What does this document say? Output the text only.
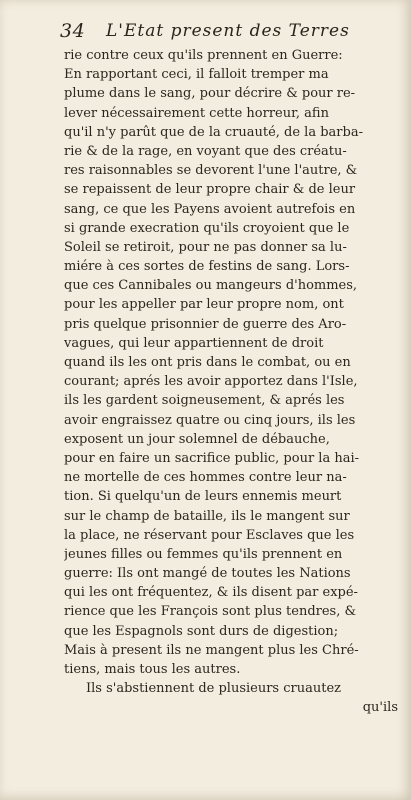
34 L'Etat present des Terres
rie contre ceux qu'ils prennent en Guerre:
En rapportant ceci, il falloit tremper ma
plume dans le sang, pour décrire & pour re-
lever nécessairement cette horreur, afin
qu'il n'y parût que de la cruauté, de la barba-
rie & de la rage, en voyant que des créatu-
res raisonnables se devorent l'une l'autre, &
se repaissent de leur propre chair & de leur
sang, ce que les Payens avoient autrefois en
si grande execration qu'ils croyoient que le
Soleil se retiroit, pour ne pas donner sa lu-
miére à ces sortes de festins de sang. Lors-
que ces Cannibales ou mangeurs d'hommes,
pour les appeller par leur propre nom, ont
pris quelque prisonnier de guerre des Aro-
vagues, qui leur appartiennent de droit
quand ils les ont pris dans le combat, ou en
courant; aprés les avoir apportez dans l'Isle,
ils les gardent soigneusement, & aprés les
avoir engraissez quatre ou cinq jours, ils les
exposent un jour solemnel de débauche,
pour en faire un sacrifice public, pour la hai-
ne mortelle de ces hommes contre leur na-
tion. Si quelqu'un de leurs ennemis meurt
sur le champ de bataille, ils le mangent sur
la place, ne réservant pour Esclaves que les
jeunes filles ou femmes qu'ils prennent en
guerre: Ils ont mangé de toutes les Nations
qui les ont fréquentez, & ils disent par expé-
rience que les François sont plus tendres, &
que les Espagnols sont durs de digestion;
Mais à present ils ne mangent plus les Chré-
tiens, mais tous les autres.
Ils s'abstiennent de plusieurs cruautez
qu'ils
